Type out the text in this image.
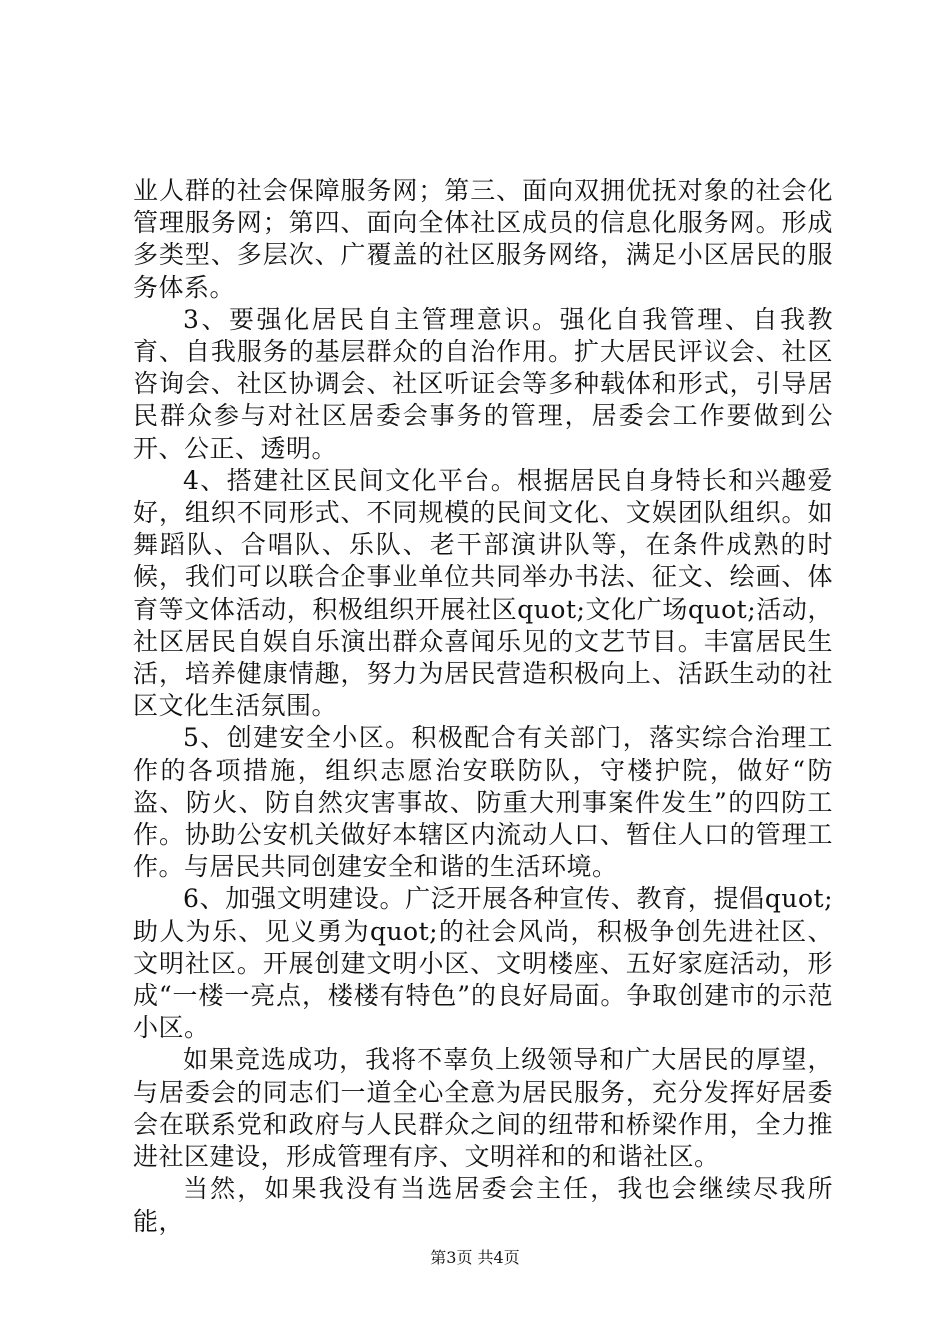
业人群的社会保障服务网；第三、面向双拥优抚对象的社会化管理服务网；第四、面向全体社区成员的信息化服务网。形成多类型、多层次、广覆盖的社区服务网络，满足小区居民的服务体系。

3、要强化居民自主管理意识。强化自我管理、自我教育、自我服务的基层群众的自治作用。扩大居民评议会、社区咨询会、社区协调会、社区听证会等多种载体和形式，引导居民群众参与对社区居委会事务的管理，居委会工作要做到公开、公正、透明。

4、搭建社区民间文化平台。根据居民自身特长和兴趣爱好，组织不同形式、不同规模的民间文化、文娱团队组织。如舞蹈队、合唱队、乐队、老干部演讲队等，在条件成熟的时候，我们可以联合企事业单位共同举办书法、征文、绘画、体育等文体活动，积极组织开展社区quot;文化广场quot;活动，社区居民自娱自乐演出群众喜闻乐见的文艺节目。丰富居民生活，培养健康情趣，努力为居民营造积极向上、活跃生动的社区文化生活氛围。

5、创建安全小区。积极配合有关部门，落实综合治理工作的各项措施，组织志愿治安联防队，守楼护院，做好“防盗、防火、防自然灾害事故、防重大刑事案件发生”的四防工作。协助公安机关做好本辖区内流动人口、暂住人口的管理工作。与居民共同创建安全和谐的生活环境。

6、加强文明建设。广泛开展各种宣传、教育，提倡quot;助人为乐、见义勇为quot;的社会风尚，积极争创先进社区、文明社区。开展创建文明小区、文明楼座、五好家庭活动，形成“一楼一亮点，楼楼有特色”的良好局面。争取创建市的示范小区。

如果竞选成功，我将不辜负上级领导和广大居民的厚望，与居委会的同志们一道全心全意为居民服务，充分发挥好居委会在联系党和政府与人民群众之间的纽带和桥梁作用，全力推进社区建设，形成管理有序、文明祥和的和谐社区。

当然，如果我没有当选居委会主任，我也会继续尽我所能，

第3页 共4页
